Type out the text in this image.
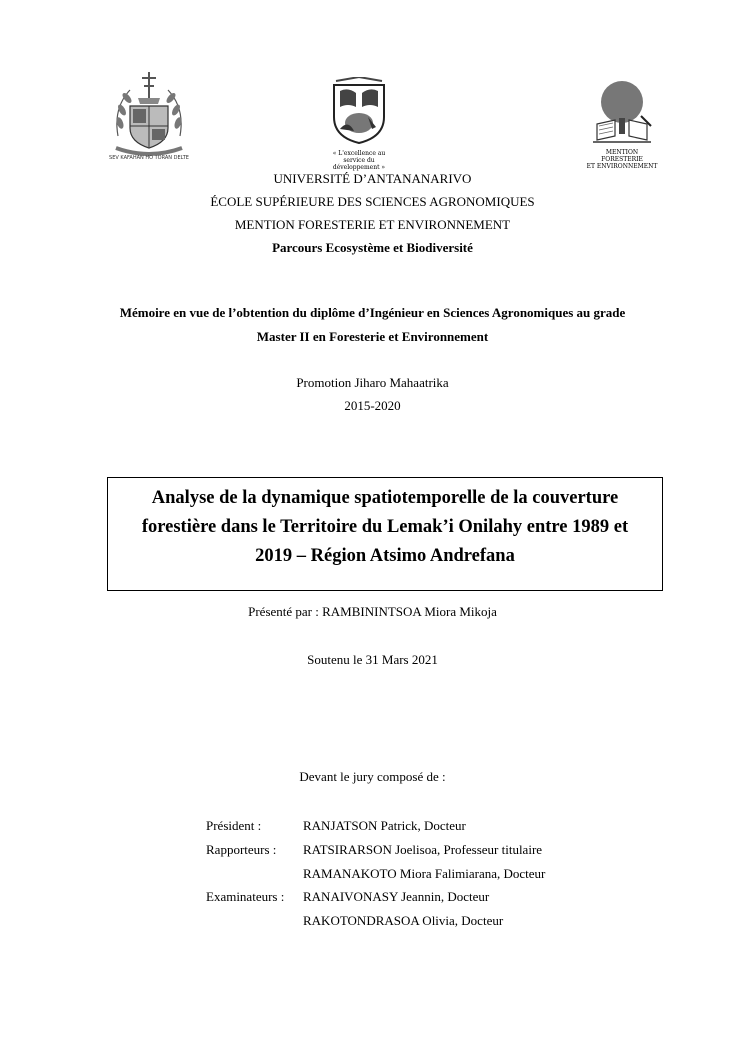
SEV KAFAHAN HO TORAN DELTE
« L'excellence au service du
développement »
MENTION FORESTERIE
ET ENVIRONNEMENT
UNIVERSITÉ D’ANTANANARIVO
ÉCOLE SUPÉRIEURE DES SCIENCES AGRONOMIQUES
MENTION FORESTERIE ET ENVIRONNEMENT
Parcours Ecosystème et Biodiversité
Mémoire en vue de l’obtention du diplôme d’Ingénieur en Sciences Agronomiques au grade
Master II en Foresterie et Environnement
Promotion Jiharo Mahaatrika
2015-2020
Analyse de la dynamique spatiotemporelle de la couverture
forestière dans le Territoire du Lemak’i Onilahy entre 1989 et
2019 – Région Atsimo Andrefana
Présenté par : RAMBININTSOA Miora Mikoja
Soutenu le 31 Mars 2021
Devant le jury composé de :
Président :	RANJATSON Patrick, Docteur
Rapporteurs : RATSIRARSON Joelisoa, Professeur titulaire
RAMANAKOTO Miora Falimiarana, Docteur
Examinateurs : RANAIVONASY Jeannin, Docteur
RAKOTONDRASOA Olivia, Docteur
